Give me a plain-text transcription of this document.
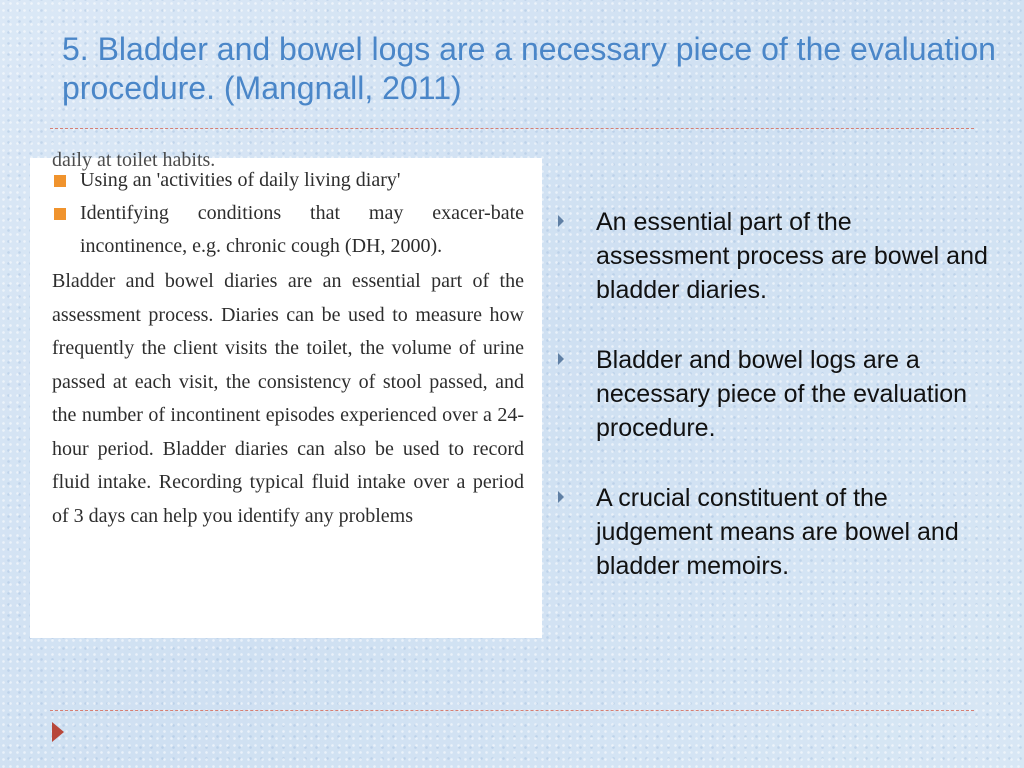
5. Bladder and bowel logs are a necessary piece of the evaluation procedure. (Mangnall, 2011)
daily at toilet habits.
Using an 'activities of daily living diary'
Identifying conditions that may exacer-bate incontinence, e.g. chronic cough (DH, 2000).
Bladder and bowel diaries are an essential part of the assessment process. Diaries can be used to measure how frequently the client visits the toilet, the volume of urine passed at each visit, the consistency of stool passed, and the number of incontinent episodes experienced over a 24-hour period. Bladder diaries can also be used to record fluid intake. Recording typical fluid intake over a period of 3 days can help you identify any problems
An essential part of the assessment process are bowel and bladder diaries.
Bladder and bowel logs are a necessary piece of the evaluation procedure.
A crucial constituent of the judgement means are bowel and bladder memoirs.
